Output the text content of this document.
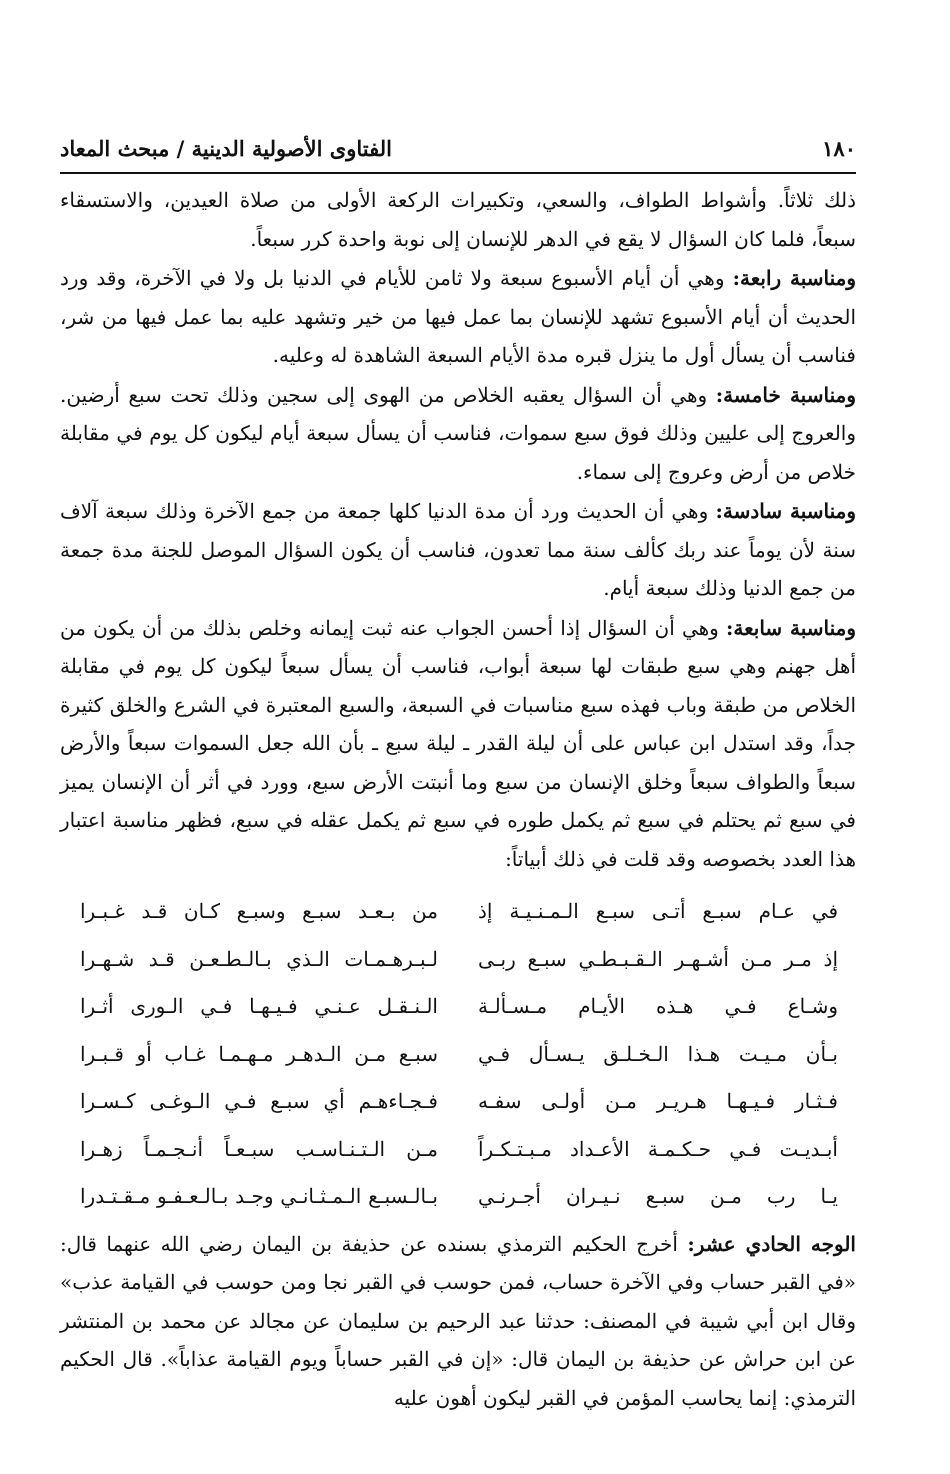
الفتاوى الأصولية الدينية / مبحث المعاد	١٨٠

ذلك ثلاثاً. وأشواط الطواف، والسعي، وتكبيرات الركعة الأولى من صلاة العيدين، والاستسقاء سبعاً، فلما كان السؤال لا يقع في الدهر للإنسان إلى نوبة واحدة كرر سبعاً.

ومناسبة رابعة: وهي أن أيام الأسبوع سبعة ولا ثامن للأيام في الدنيا بل ولا في الآخرة، وقد ورد الحديث أن أيام الأسبوع تشهد للإنسان بما عمل فيها من خير وتشهد عليه بما عمل فيها من شر، فناسب أن يسأل أول ما ينزل قبره مدة الأيام السبعة الشاهدة له وعليه.

ومناسبة خامسة: وهي أن السؤال يعقبه الخلاص من الهوى إلى سجين وذلك تحت سبع أرضين. والعروج إلى عليين وذلك فوق سبع سموات، فناسب أن يسأل سبعة أيام ليكون كل يوم في مقابلة خلاص من أرض وعروج إلى سماء.

ومناسبة سادسة: وهي أن الحديث ورد أن مدة الدنيا كلها جمعة من جمع الآخرة وذلك سبعة آلاف سنة لأن يوماً عند ربك كألف سنة مما تعدون، فناسب أن يكون السؤال الموصل للجنة مدة جمعة من جمع الدنيا وذلك سبعة أيام.

ومناسبة سابعة: وهي أن السؤال إذا أحسن الجواب عنه ثبت إيمانه وخلص بذلك من أن يكون من أهل جهنم وهي سبع طبقات لها سبعة أبواب، فناسب أن يسأل سبعاً ليكون كل يوم في مقابلة الخلاص من طبقة وباب فهذه سبع مناسبات في السبعة، والسبع المعتبرة في الشرع والخلق كثيرة جداً، وقد استدل ابن عباس على أن ليلة القدر ـ ليلة سبع ـ بأن الله جعل السموات سبعاً والأرض سبعاً والطواف سبعاً وخلق الإنسان من سبع وما أنبتت الأرض سبع، وورد في أثر أن الإنسان يميز في سبع ثم يحتلم في سبع ثم يكمل طوره في سبع ثم يكمل عقله في سبع، فظهر مناسبة اعتبار هذا العدد بخصوصه وقد قلت في ذلك أبياتاً:

في عـام سبـع أتـى سبـع الـمـنـيـة إذ
من بـعـد سبـع وسبـع كـان قـد غـبـرا
إذ مـر مـن أشـهـر الـقـبـطـي سبـع ربـى
لـبـرهـمـات الـذي بـالـطـعـن قـد شـهـرا
وشـاع فـي هـذه الأيـام مـسـألـة
الـنـقـل عـنـي فـيـهـا فـي الـورى أثـرا
بـأن مـيـت هـذا الـخـلـق يـسـأل فـي
سبـع مـن الـدهـر مـهـمـا غـاب أو قـبـرا
فـثـار فـيـهـا هـريـر مـن أولـى سفـه
فـجـاءهـم أي سبـع فـي الـوغـى كـسـرا
أبـديـت فـي حـكـمـة الأعـداد مـبـتـكـراً
مـن الـتـنـاسـب سبـعـاً أنـجـمـاً زهـرا
يـا رب مـن سبـع نـيـران أجـرنـي
بـالـسبـع الـمـثـانـي وجـد بـالـعـفـو مـقـتـدرا

الوجه الحادي عشر: أخرج الحكيم الترمذي بسنده عن حذيفة بن اليمان رضي الله عنهما قال: «في القبر حساب وفي الآخرة حساب، فمن حوسب في القبر نجا ومن حوسب في القيامة عذب» وقال ابن أبي شيبة في المصنف: حدثنا عبد الرحيم بن سليمان عن مجالد عن محمد بن المنتشر عن ابن حراش عن حذيفة بن اليمان قال: «إن في القبر حساباً ويوم القيامة عذاباً». قال الحكيم الترمذي: إنما يحاسب المؤمن في القبر ليكون أهون عليه
